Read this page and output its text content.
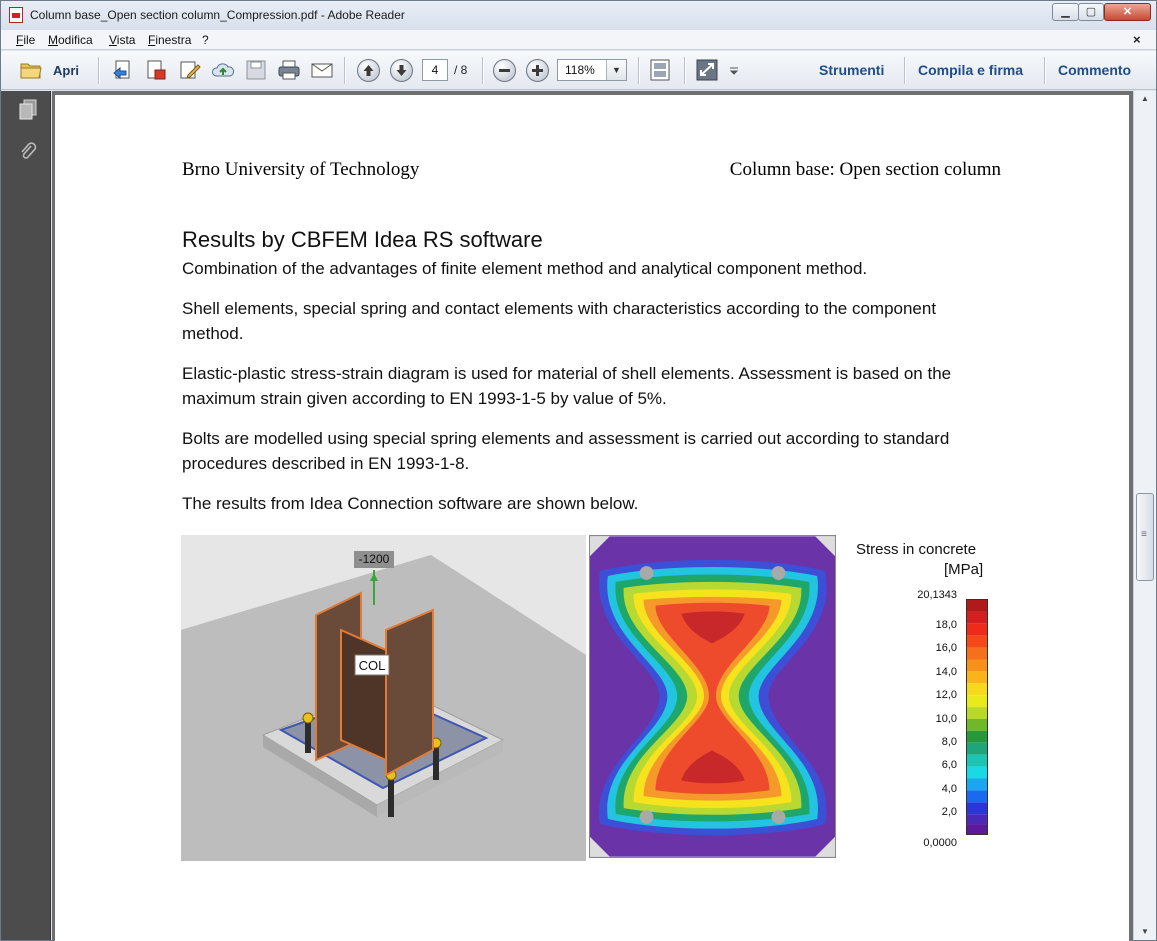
Column base_Open section column_Compression.pdf - Adobe Reader	▁	▢	✕
File Modifica Vista Finestra ?	×
Apri	4	/ 8	118%	▼	Strumenti Compila e firma Commento
Brno University of Technology	Column base: Open section column
Results by CBFEM Idea RS software

Combination of the advantages of finite element method and analytical component method.

Shell elements, special spring and contact elements with characteristics according to the component method.

Elastic-plastic stress-strain diagram is used for material of shell elements. Assessment is based on the maximum strain given according to EN 1993-1-5 by value of 5%.

Bolts are modelled using special spring elements and assessment is carried out according to standard procedures described in EN 1993-1-8.

The results from Idea Connection software are shown below.

-1200
COL
Stress in concrete
[MPa]
20,1343
18,0
16,0
14,0
12,0
10,0
8,0
6,0
4,0
2,0
0,0000
▲
≡
▼
